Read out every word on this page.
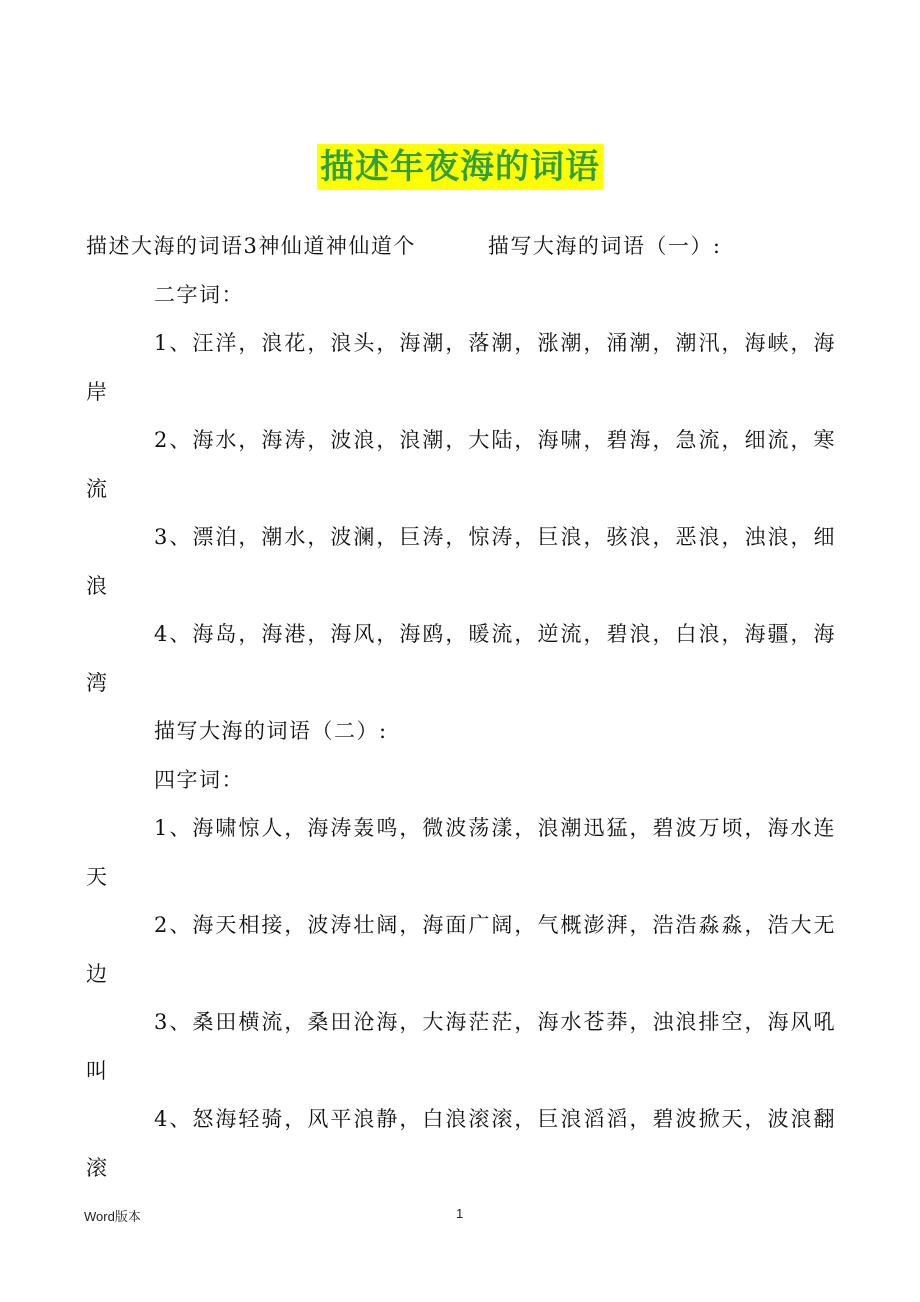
描述年夜海的词语

描述大海的词语3神仙道神仙道个	描写大海的词语（一）:

二字词：

1、汪洋，浪花，浪头，海潮，落潮，涨潮，涌潮，潮汛，海峡，海岸

2、海水，海涛，波浪，浪潮，大陆，海啸，碧海，急流，细流，寒流

3、漂泊，潮水，波澜，巨涛，惊涛，巨浪，骇浪，恶浪，浊浪，细浪

4、海岛，海港，海风，海鸥，暖流，逆流，碧浪，白浪，海疆，海湾

描写大海的词语（二）:

四字词：

1、海啸惊人，海涛轰鸣，微波荡漾，浪潮迅猛，碧波万顷，海水连天

2、海天相接，波涛壮阔，海面广阔，气概澎湃，浩浩淼淼，浩大无边

3、桑田横流，桑田沧海，大海茫茫，海水苍莽，浊浪排空，海风吼叫

4、怒海轻骑，风平浪静，白浪滚滚，巨浪滔滔，碧波掀天，波浪翻滚

Word版本	1
